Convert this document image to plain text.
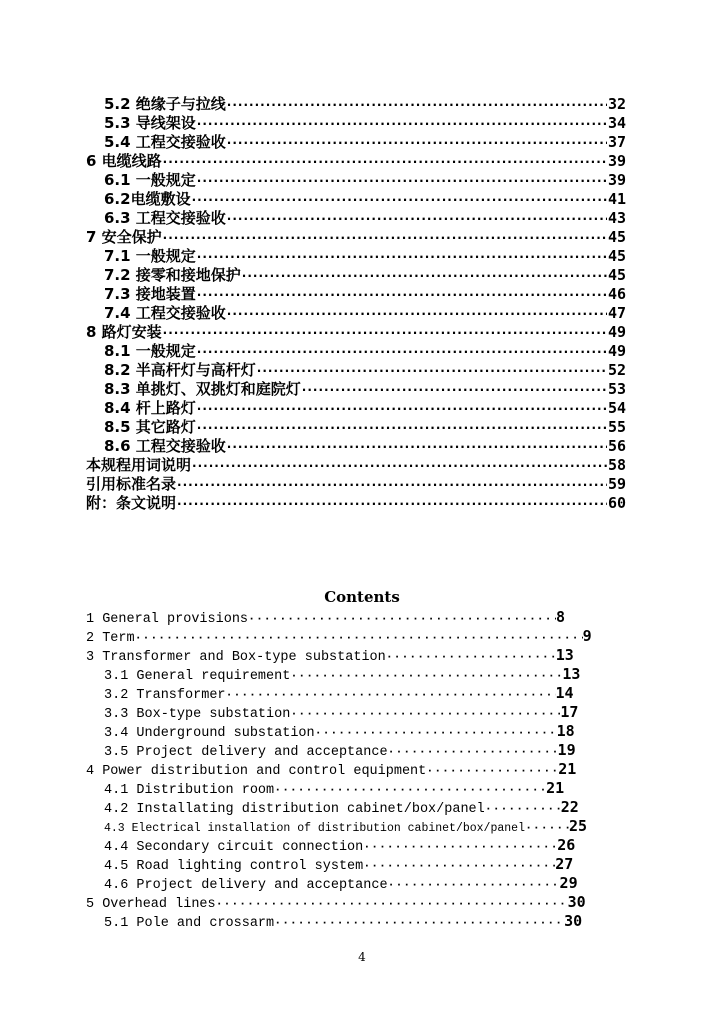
5.2 绝缘子与拉线 ·····	32
5.3 导线架设 ·····	34
5.4 工程交接验收 ·····	37
6 电缆线路 ·····	39
6.1 一般规定 ·····	39
6.2电缆敷设 ·····	41
6.3 工程交接验收 ·····	43
7 安全保护 ·····	45
7.1 一般规定 ·····	45
7.2 接零和接地保护 ·····	45
7.3 接地装置 ·····	46
7.4 工程交接验收 ·····	47
8 路灯安装 ·····	49
8.1 一般规定 ·····	49
8.2 半高杆灯与高杆灯 ·····	52
8.3 单挑灯、双挑灯和庭院灯 ·····	53
8.4 杆上路灯 ·····	54
8.5 其它路灯 ·····	55
8.6 工程交接验收 ·····	56
本规程用词说明 ·····	58
引用标准名录 ·····	59
附：条文说明 ·····	60
Contents
1 General provisions ·····	8
2 Term ·····	9
3 Transformer and Box-type substation ·····	13
3.1 General requirement ·····	13
3.2 Transformer ·····	14
3.3 Box-type substation ·····	17
3.4 Underground substation ·····	18
3.5 Project delivery and acceptance ·····	19
4 Power distribution and control equipment ·····	21
4.1 Distribution room ·····	21
4.2 Installating distribution cabinet/box/panel ·····	22
4.3 Electrical installation of distribution cabinet/box/panel ·····	25
4.4 Secondary circuit connection ·····	26
4.5 Road lighting control system ·····	27
4.6 Project delivery and acceptance ·····	29
5 Overhead lines ·····	30
5.1 Pole and crossarm ·····	30
4
